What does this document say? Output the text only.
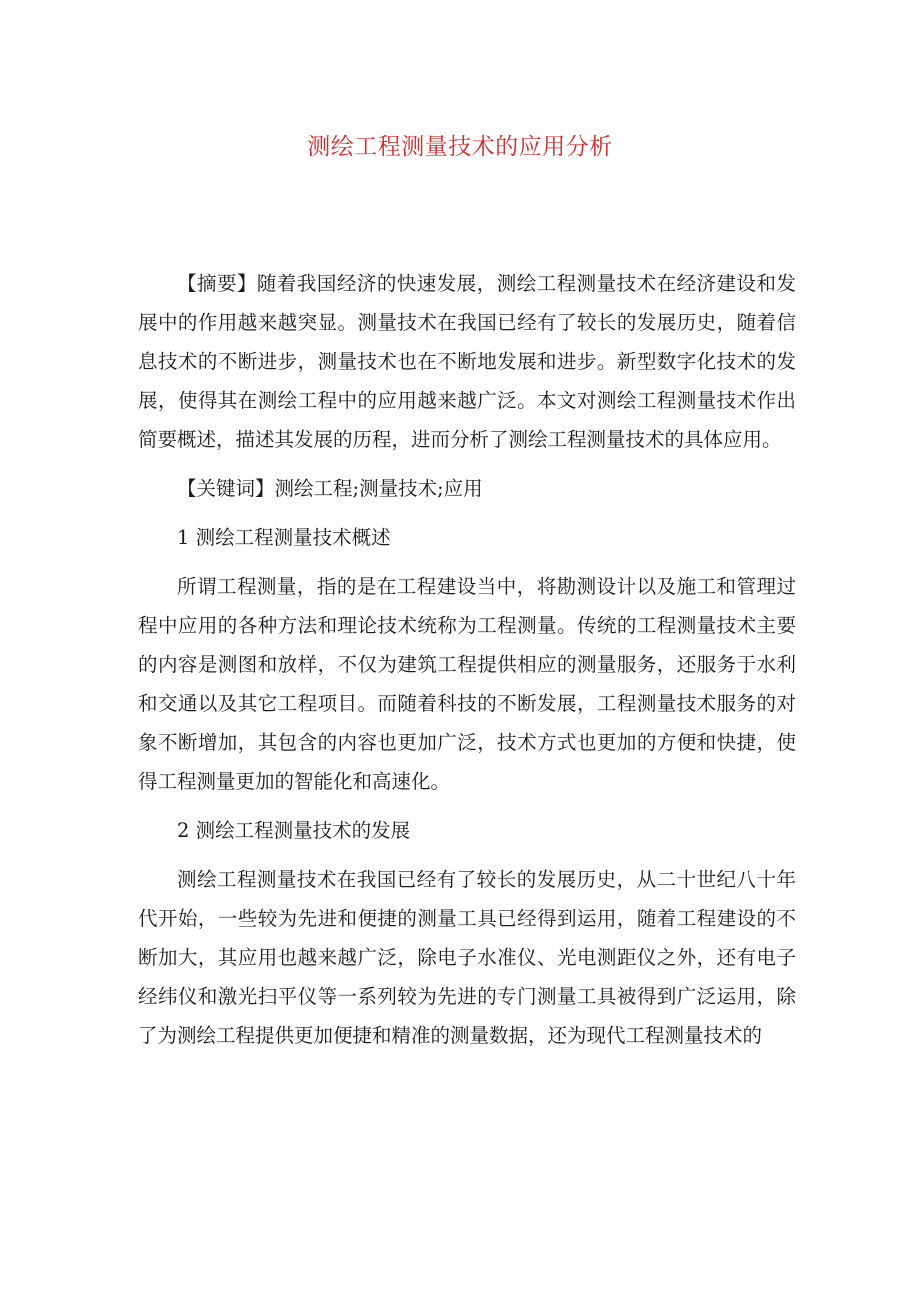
测绘工程测量技术的应用分析

【摘要】随着我国经济的快速发展，测绘工程测量技术在经济建设和发展中的作用越来越突显。测量技术在我国已经有了较长的发展历史，随着信息技术的不断进步，测量技术也在不断地发展和进步。新型数字化技术的发展，使得其在测绘工程中的应用越来越广泛。本文对测绘工程测量技术作出简要概述，描述其发展的历程，进而分析了测绘工程测量技术的具体应用。

【关键词】测绘工程;测量技术;应用

1 测绘工程测量技术概述

所谓工程测量，指的是在工程建设当中，将勘测设计以及施工和管理过程中应用的各种方法和理论技术统称为工程测量。传统的工程测量技术主要的内容是测图和放样，不仅为建筑工程提供相应的测量服务，还服务于水利和交通以及其它工程项目。而随着科技的不断发展，工程测量技术服务的对象不断增加，其包含的内容也更加广泛，技术方式也更加的方便和快捷，使得工程测量更加的智能化和高速化。

2 测绘工程测量技术的发展

测绘工程测量技术在我国已经有了较长的发展历史，从二十世纪八十年代开始，一些较为先进和便捷的测量工具已经得到运用，随着工程建设的不断加大，其应用也越来越广泛，除电子水准仪、光电测距仪之外，还有电子经纬仪和激光扫平仪等一系列较为先进的专门测量工具被得到广泛运用，除了为测绘工程提供更加便捷和精准的测量数据，还为现代工程测量技术的
